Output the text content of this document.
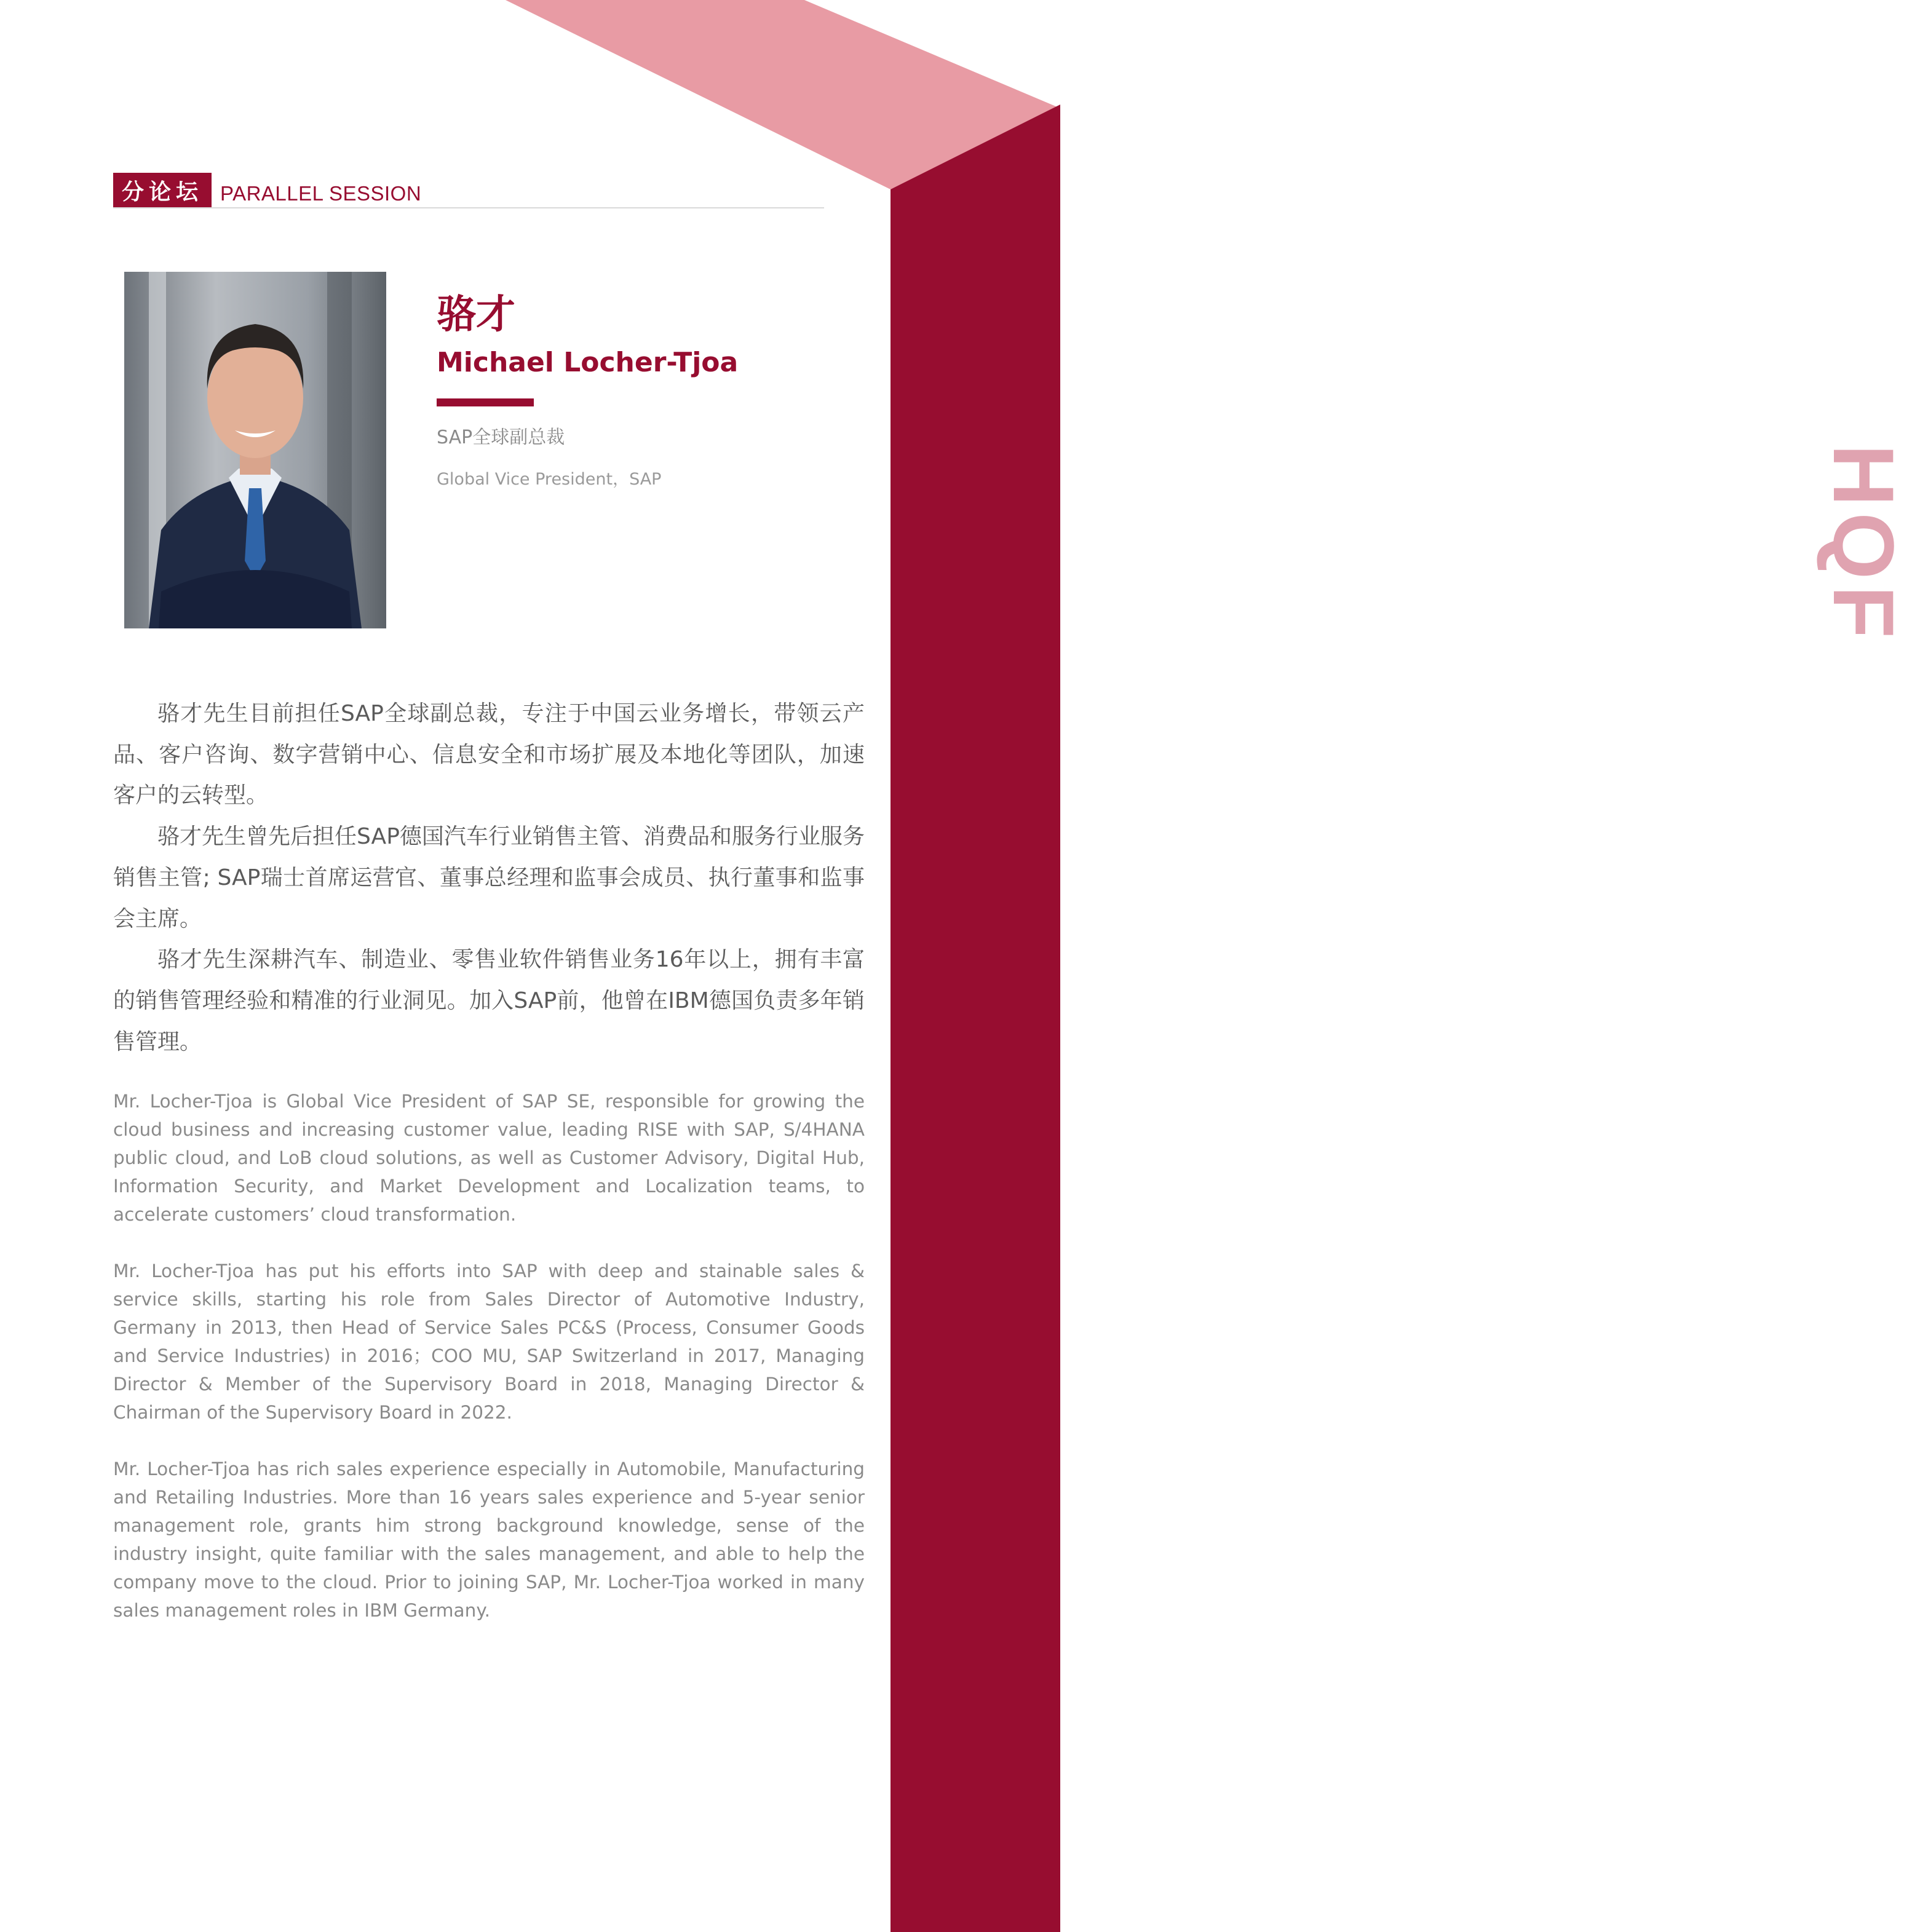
HQF
分论坛 PARALLEL SESSION
骆才
Michael Locher-Tjoa
SAP全球副总裁
Global Vice President，SAP

骆才先生目前担任SAP全球副总裁，专注于中国云业务增长，带领云产品、客户咨询、数字营销中心、信息安全和市场扩展及本地化等团队，加速客户的云转型。

骆才先生曾先后担任SAP德国汽车行业销售主管、消费品和服务行业服务销售主管; SAP瑞士首席运营官、董事总经理和监事会成员、执行董事和监事会主席。

骆才先生深耕汽车、制造业、零售业软件销售业务16年以上，拥有丰富的销售管理经验和精准的行业洞见。加入SAP前，他曾在IBM德国负责多年销售管理。

Mr. Locher-Tjoa is Global Vice President of SAP SE, responsible for growing the cloud business and increasing customer value, leading RISE with SAP, S/4HANA public cloud, and LoB cloud solutions, as well as Customer Advisory, Digital Hub, Information Security, and Market Development and Localization teams, to accelerate customers’ cloud transformation.

Mr. Locher-Tjoa has put his efforts into SAP with deep and stainable sales & service skills, starting his role from Sales Director of Automotive Industry, Germany in 2013, then Head of Service Sales PC&S (Process, Consumer Goods and Service Industries) in 2016；COO MU, SAP Switzerland in 2017, Managing Director & Member of the Supervisory Board in 2018, Managing Director & Chairman of the Supervisory Board in 2022.

Mr. Locher-Tjoa has rich sales experience especially in Automobile, Manufacturing and Retailing Industries. More than 16 years sales experience and 5-year senior management role, grants him strong background knowledge, sense of the industry insight, quite familiar with the sales management, and able to help the company move to the cloud. Prior to joining SAP, Mr. Locher-Tjoa worked in many sales management roles in IBM Germany.
